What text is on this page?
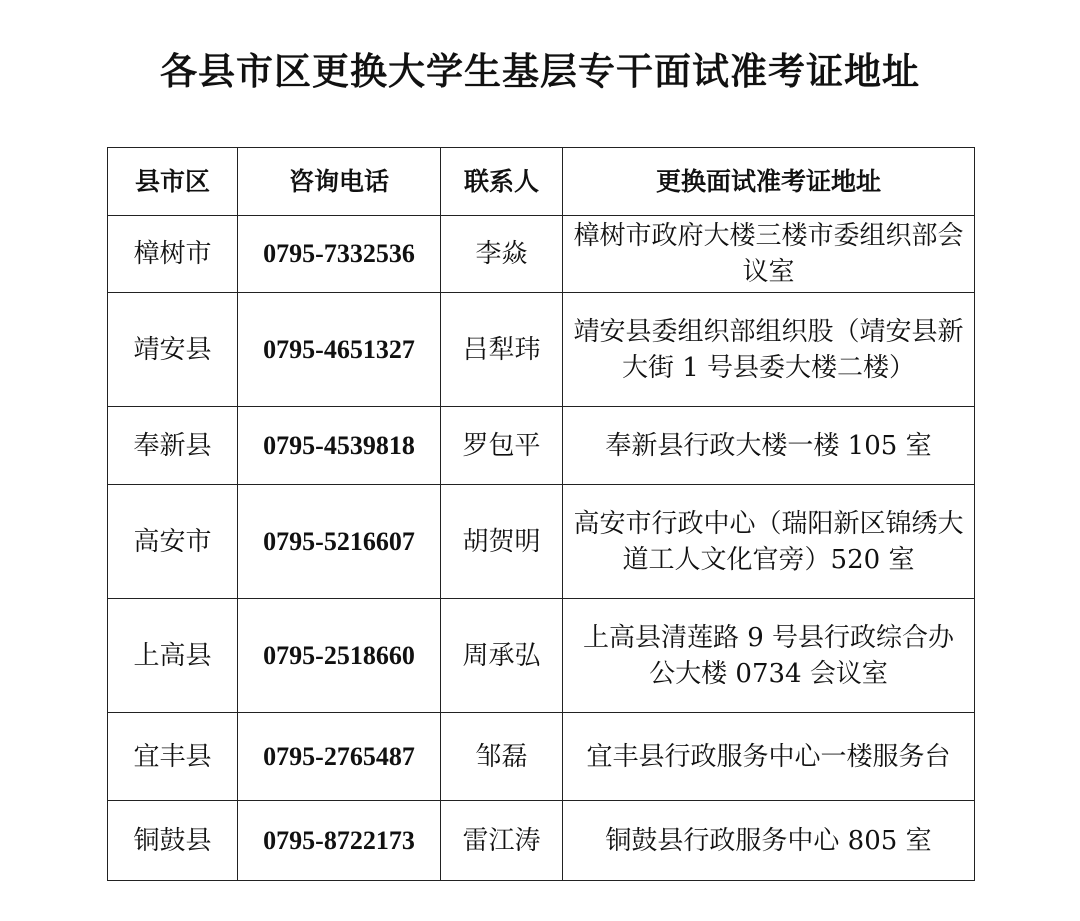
各县市区更换大学生基层专干面试准考证地址
县市区	咨询电话	联系人	更换面试准考证地址
樟树市	0795-7332536	李焱	樟树市政府大楼三楼市委组织部会议室
靖安县	0795-4651327	吕犁玮	靖安县委组织部组织股（靖安县新大街 1 号县委大楼二楼）
奉新县	0795-4539818	罗包平	奉新县行政大楼一楼 105 室
高安市	0795-5216607	胡贺明	高安市行政中心（瑞阳新区锦绣大道工人文化官旁）520 室
上高县	0795-2518660	周承弘	上高县清莲路 9 号县行政综合办公大楼 0734 会议室
宜丰县	0795-2765487	邹磊	宜丰县行政服务中心一楼服务台
铜鼓县	0795-8722173	雷江涛	铜鼓县行政服务中心 805 室
